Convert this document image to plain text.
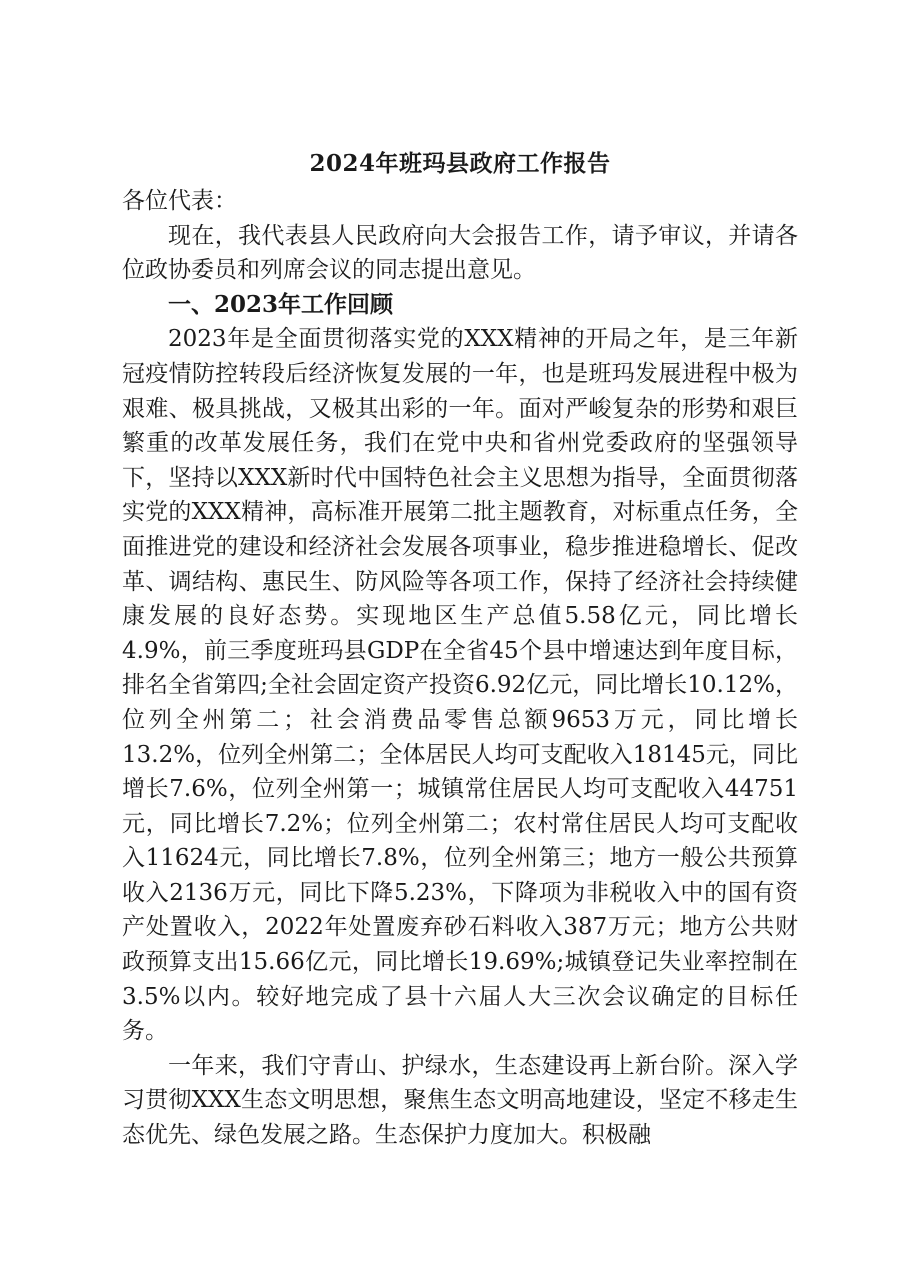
2024年班玛县政府工作报告

各位代表：

现在，我代表县人民政府向大会报告工作，请予审议，并请各位政协委员和列席会议的同志提出意见。

一、2023年工作回顾

2023年是全面贯彻落实党的XXX精神的开局之年，是三年新冠疫情防控转段后经济恢复发展的一年，也是班玛发展进程中极为艰难、极具挑战，又极其出彩的一年。面对严峻复杂的形势和艰巨繁重的改革发展任务，我们在党中央和省州党委政府的坚强领导下，坚持以XXX新时代中国特色社会主义思想为指导，全面贯彻落实党的XXX精神，高标准开展第二批主题教育，对标重点任务，全面推进党的建设和经济社会发展各项事业，稳步推进稳增长、促改革、调结构、惠民生、防风险等各项工作，保持了经济社会持续健康发展的良好态势。实现地区生产总值5.58亿元，同比增长4.9%，前三季度班玛县GDP在全省45个县中增速达到年度目标，排名全省第四;全社会固定资产投资6.92亿元，同比增长10.12%，位列全州第二；社会消费品零售总额9653万元，同比增长13.2%，位列全州第二；全体居民人均可支配收入18145元，同比增长7.6%，位列全州第一；城镇常住居民人均可支配收入44751元，同比增长7.2%；位列全州第二；农村常住居民人均可支配收入11624元，同比增长7.8%，位列全州第三；地方一般公共预算收入2136万元，同比下降5.23%，下降项为非税收入中的国有资产处置收入，2022年处置废弃砂石料收入387万元；地方公共财政预算支出15.66亿元，同比增长19.69%;城镇登记失业率控制在3.5%以内。较好地完成了县十六届人大三次会议确定的目标任务。

一年来，我们守青山、护绿水，生态建设再上新台阶。深入学习贯彻XXX生态文明思想，聚焦生态文明高地建设，坚定不移走生态优先、绿色发展之路。生态保护力度加大。积极融
